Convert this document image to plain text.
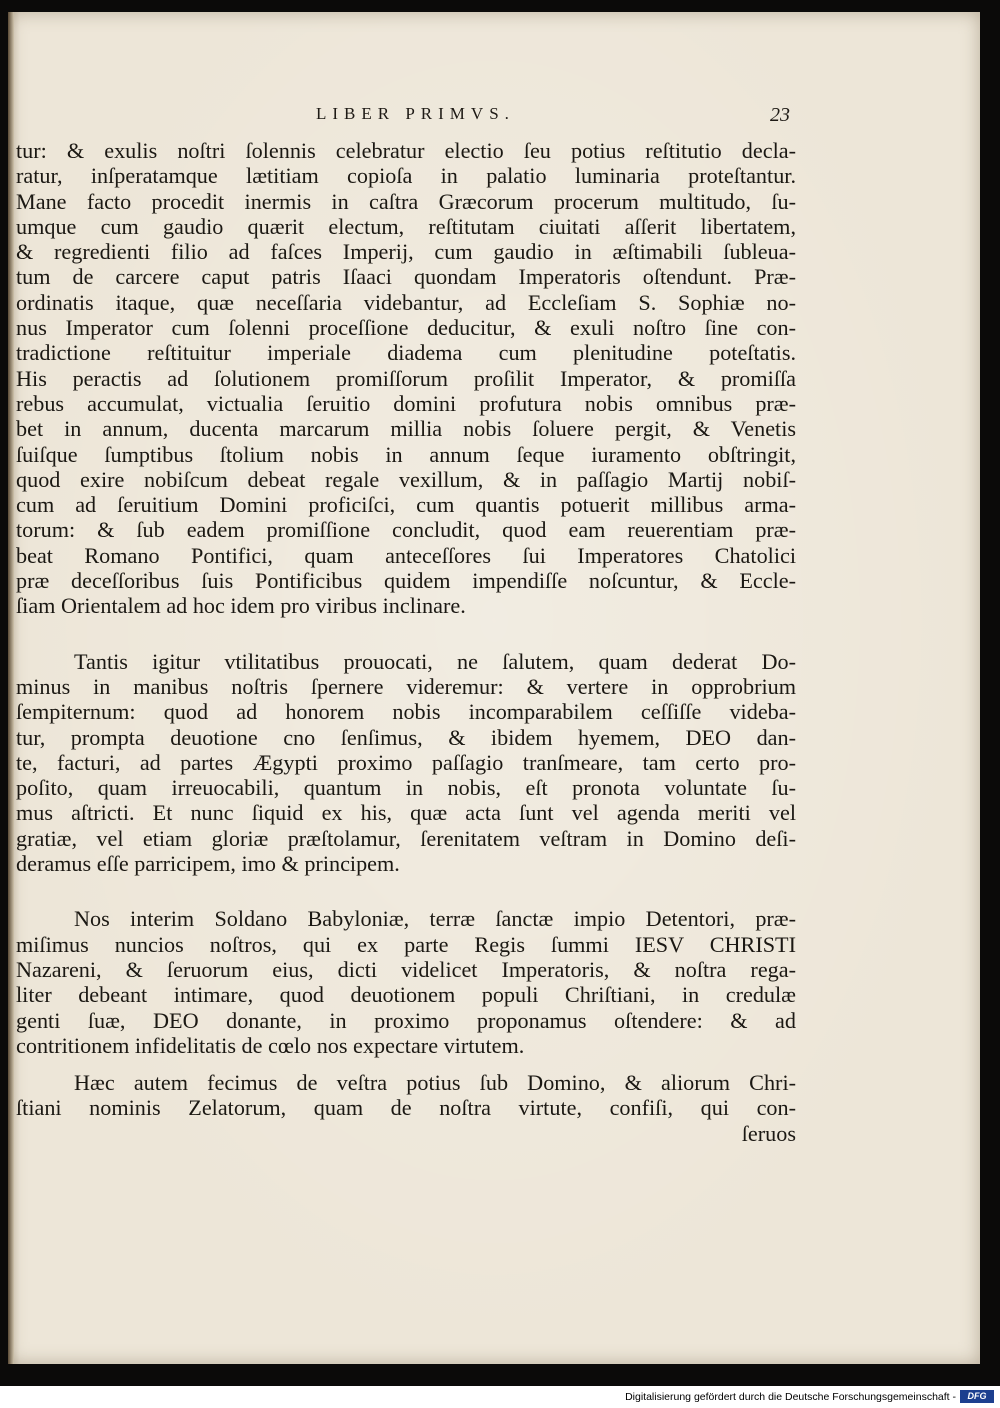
LIBER PRIMVS.	23
tur: & exulis noſtri ſolennis celebratur electio ſeu potius reſtitutio decla-
ratur, inſperatamque lætitiam copioſa in palatio luminaria proteſtantur.
Mane facto procedit inermis in caſtra Græcorum procerum multitudo, ſu-
umque cum gaudio quærit electum, reſtitutam ciuitati aſſerit libertatem,
& regredienti filio ad faſces Imperij, cum gaudio in æſtimabili ſubleua-
tum de carcere caput patris Iſaaci quondam Imperatoris oſtendunt. Præ-
ordinatis itaque, quæ neceſſaria videbantur, ad Eccleſiam S. Sophiæ no-
nus Imperator cum ſolenni proceſſione deducitur, & exuli noſtro ſine con-
tradictione reſtituitur imperiale diadema cum plenitudine poteſtatis.
His peractis ad ſolutionem promiſſorum proſilit Imperator, & promiſſa
rebus accumulat, victualia ſeruitio domini profutura nobis omnibus præ-
bet in annum, ducenta marcarum millia nobis ſoluere pergit, & Venetis
ſuiſque ſumptibus ſtolium nobis in annum ſeque iuramento obſtringit,
quod exire nobiſcum debeat regale vexillum, & in paſſagio Martij nobiſ-
cum ad ſeruitium Domini proficiſci, cum quantis potuerit millibus arma-
torum: & ſub eadem promiſſione concludit, quod eam reuerentiam præ-
beat Romano Pontifici, quam anteceſſores ſui Imperatores Chatolici
præ deceſſoribus ſuis Pontificibus quidem impendiſſe noſcuntur, & Eccle-
ſiam Orientalem ad hoc idem pro viribus inclinare.
Tantis igitur vtilitatibus prouocati, ne ſalutem, quam dederat Do-
minus in manibus noſtris ſpernere videremur: & vertere in opprobrium
ſempiternum: quod ad honorem nobis incomparabilem ceſſiſſe videba-
tur, prompta deuotione cno ſenſimus, & ibidem hyemem, DEO dan-
te, facturi, ad partes Ægypti proximo paſſagio tranſmeare, tam certo pro-
poſito, quam irreuocabili, quantum in nobis, eſt pronota voluntate ſu-
mus aſtricti. Et nunc ſiquid ex his, quæ acta ſunt vel agenda meriti vel
gratiæ, vel etiam gloriæ præſtolamur, ſerenitatem veſtram in Domino deſi-
deramus eſſe parricipem, imo & principem.
Nos interim Soldano Babyloniæ, terræ ſanctæ impio Detentori, præ-
miſimus nuncios noſtros, qui ex parte Regis ſummi IESV CHRISTI
Nazareni, & ſeruorum eius, dicti videlicet Imperatoris, & noſtra rega-
liter debeant intimare, quod deuotionem populi Chriſtiani, in credulæ
genti ſuæ, DEO donante, in proximo proponamus oſtendere: & ad
contritionem infidelitatis de cœlo nos expectare virtutem.
Hæc autem fecimus de veſtra potius ſub Domino, & aliorum Chri-
ſtiani nominis Zelatorum, quam de noſtra virtute, confiſi, qui con-
ſeruos
Digitalisierung gefördert durch die Deutsche Forschungsgemeinschaft -	DFG
